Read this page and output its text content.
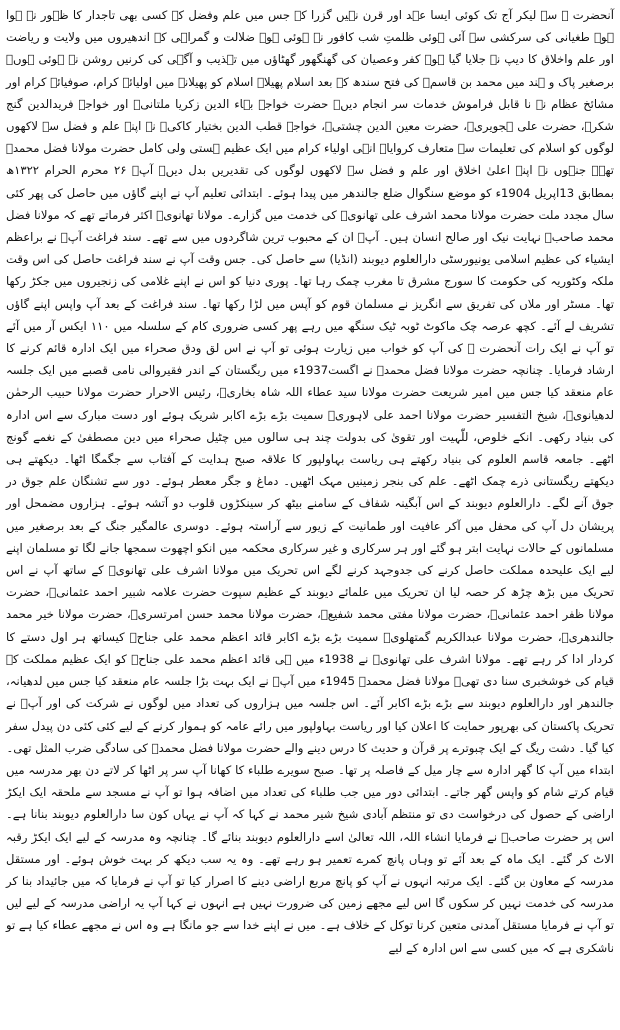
آنحضرت ﷺ سے لیکر آج تک کوئی ایسا عہد اور قرن نہیں گزرا کہ جس میں علم وفضل کے کسی بھی تاجدار کا ظہور نہ ہوا ہو۔ طغیانی کی سرکشی سے آئی ہوئی ظلمتِ شب کافور نہ ہوئی ہو۔ ضلالت و گمراہی کے اندھیروں میں ولایت و ریاضت اور علم واخلاق کا دیپ نہ جلایا گیا ہو۔ کفر وعصیان کی گھنگھور گھٹاؤں میں تہذیب و آگہی کی کرنیں روشن نہ ہوئی ہوں۔ برصغیر پاک و ہند میں محمد بن قاسمؒ کی فتح سندھ کے بعد اسلام پھیلا۔ اسلام کو پھیلانے میں اولیائے کرام، صوفیائے کرام اور مشائخ عظام نے نا قابل فراموش خدمات سر انجام دیں۔ حضرت خواجہ بہاء الدین زکریا ملتانیؒ اور خواجہ فریدالدین گنج شکرؒ، حضرت علی ہجویریؒ، حضرت معین الدین چشتیؒ، خواجہ قطب الدین بختیار کاکیؒ نے اپنے علم و فضل سے لاکھوں لوگوں کو اسلام کی تعلیمات سے متعارف کروایا۔ انہی اولیاء کرام میں ایک عظیم ہستی ولی کامل حضرت مولانا فضل محمدؒ تھے۔ جنہوں نے اپنے اعلیٰ اخلاق اور علم و فضل سے لاکھوں لوگوں کی تقدیریں بدل دیں۔ آپؒ ۲۶ محرم الحرام ۱۳۲۲ھ بمطابق 13اپریل 1904ء کو موضع سنگوال ضلع جالندھر میں پیدا ہوئے۔ ابتدائی تعلیم آپ نے اپنے گاؤں میں حاصل کی پھر کئی سال مجدد ملت حضرت مولانا محمد اشرف علی تھانویؒ کی خدمت میں گزارے۔ مولانا تھانویؒ اکثر فرماتے تھے کہ مولانا فضل محمد صاحبؒ نہایت نیک اور صالح انسان ہیں۔ آپؒ ان کے محبوب ترین شاگردوں میں سے تھے۔ سند فراغت آپؒ نے براعظم ایشیاء کی عظیم اسلامی یونیورسٹی دارالعلوم دیوبند (انڈیا) سے حاصل کی۔ جس وقت آپ نے سند فراغت حاصل کی اس وقت ملکہ وکٹوریہ کی حکومت کا سورج مشرق تا مغرب چمک رہا تھا۔ پوری دنیا کو اس نے اپنے غلامی کی زنجیروں میں جکڑ رکھا تھا۔ مسٹر اور ملاں کی تفریق سے انگریز نے مسلمان قوم کو آپس میں لڑا رکھا تھا۔ سند فراغت کے بعد آپ واپس اپنے گاؤں تشریف لے آئے۔ کچھ عرصہ چک ماکوٹ ٹوبہ ٹیک سنگھ میں رہے پھر کسی ضروری کام کے سلسلہ میں ۱۱۰ ایکس آر میں آئے تو آپ نے ایک رات آنحضرت ﷺ کی آپ کو خواب میں زیارت ہوئی تو آپ نے اس لق ودق صحراء میں ایک ادارہ قائم کرنے کا ارشاد فرمایا۔ چنانچہ حضرت مولانا فضل محمدؒ نے اگست1937ء میں ریگستان کے اندر فقیروالی نامی قصبے میں ایک جلسہ عام منعقد کیا جس میں امیر شریعت حضرت مولانا سید عطاء اللہ شاہ بخاریؒ، رئیس الاحرار حضرت مولانا حبیب الرحمٰن لدھیانویؒ، شیخ التفسیر حضرت مولانا احمد علی لاہوریؒ سمیت بڑے بڑے اکابر شریک ہوئے اور دست مبارک سے اس ادارہ کی بنیاد رکھی۔ انکے خلوص، للّٰہیت اور تقویٰ کی بدولت چند ہی سالوں میں چٹیل صحراء میں دین مصطفیٰ کے نغمے گونج اٹھے۔ جامعہ قاسم العلوم کی بنیاد رکھتے ہی ریاست بہاولپور کا علاقہ صبح ہدایت کے آفتاب سے جگمگا اٹھا۔ دیکھتے ہی دیکھتے ریگستانی ذرے چمک اٹھے۔ علم کی بنجر زمینیں مہک اٹھیں۔ دماغ و جگر معطر ہوئے۔ دور سے تشنگان علم جوق در جوق آنے لگے۔ دارالعلوم دیوبند کے اس آبگینہ شفاف کے سامنے بیٹھ کر سینکڑوں قلوب دو آتشہ ہوئے۔ ہزاروں مضمحل اور پریشان دل آپ کی محفل میں آکر عافیت اور طمانیت کے زیور سے آراستہ ہوئے۔ دوسری عالمگیر جنگ کے بعد برصغیر میں مسلمانوں کے حالات نہایت ابتر ہو گئے اور ہر سرکاری و غیر سرکاری محکمہ میں انکو اچھوت سمجھا جانے لگا تو مسلمان اپنے لیے ایک علیحدہ مملکت حاصل کرنے کی جدوجہد کرنے لگے اس تحریک میں مولانا اشرف علی تھانویؒ کے ساتھ آپ نے اس تحریک میں بڑھ چڑھ کر حصہ لیا ان تحریک میں علمائے دیوبند کے عظیم سپوت حضرت علامہ شبیر احمد عثمانیؒ، حضرت مولانا ظفر احمد عثمانیؒ، حضرت مولانا مفتی محمد شفیعؒ، حضرت مولانا محمد حسن امرتسریؒ، حضرت مولانا خیر محمد جالندھریؒ، حضرت مولانا عبدالکریم گمتھلویؒ سمیت بڑے بڑے اکابر قائد اعظم محمد علی جناحؒ کیساتھ ہر اول دستے کا کردار ادا کر رہے تھے۔ مولانا اشرف علی تھانویؒ نے 1938ء میں ہی قائد اعظم محمد علی جناحؒ کو ایک عظیم مملکت کے قیام کی خوشخبری سنا دی تھی۔ مولانا فضل محمدؒ 1945ء میں آپؒ نے ایک بہت بڑا جلسہ عام منعقد کیا جس میں لدھیانہ، جالندھر اور دارالعلوم دیوبند سے بڑے بڑے اکابر آئے۔ اس جلسہ میں ہزاروں کی تعداد میں لوگوں نے شرکت کی اور آپؒ نے تحریک پاکستان کی بھرپور حمایت کا اعلان کیا اور ریاست بہاولپور میں رائے عامہ کو ہموار کرنے کے لیے کئی کئی دن پیدل سفر کیا گیا۔ دشت ریگ کے ایک چبوترے پر قرآن و حدیث کا درس دینے والے حضرت مولانا فضل محمدؒ کی سادگی ضرب المثل تھی۔

ابتداء میں آپ کا گھر ادارہ سے چار میل کے فاصلہ پر تھا۔ صبح سویرے طلباء کا کھانا آپ سر پر اٹھا کر لاتے دن بھر مدرسہ میں قیام کرتے شام کو واپس گھر جاتے۔ ابتدائی دور میں جب طلباء کی تعداد میں اضافہ ہوا تو آپ نے مسجد سے ملحقہ ایک ایکڑ اراضی کے حصول کی درخواست دی تو منتظم آبادی شیخ شیر محمد نے کہا کہ آپ نے یہاں کون سا دارالعلوم دیوبند بنانا ہے۔ اس پر حضرت صاحبؒ نے فرمایا انشاء اللہ، اللہ تعالیٰ اسے دارالعلوم دیوبند بنائے گا۔ چنانچہ وہ مدرسہ کے لیے ایک ایکڑ رقبہ الاٹ کر گئے۔ ایک ماہ کے بعد آئے تو وہاں پانچ کمرے تعمیر ہو رہے تھے۔ وہ یہ سب دیکھ کر بہت خوش ہوئے۔ اور مستقل مدرسہ کے معاون بن گئے۔ ایک مرتبہ انہوں نے آپ کو پانچ مربع اراضی دینے کا اصرار کیا تو آپ نے فرمایا کہ میں جائیداد بنا کر مدرسہ کی خدمت نہیں کر سکوں گا اس لیے مجھے زمین کی ضرورت نہیں ہے انہوں نے کہا آپ یہ اراضی مدرسہ کے لیے لیں تو آپ نے فرمایا مستقل آمدنی متعین کرنا توکل کے خلاف ہے۔ میں نے اپنے خدا سے جو مانگا ہے وہ اس نے مجھے عطاء کیا ہے تو ناشکری ہے کہ میں کسی سے اس ادارہ کے لیے
